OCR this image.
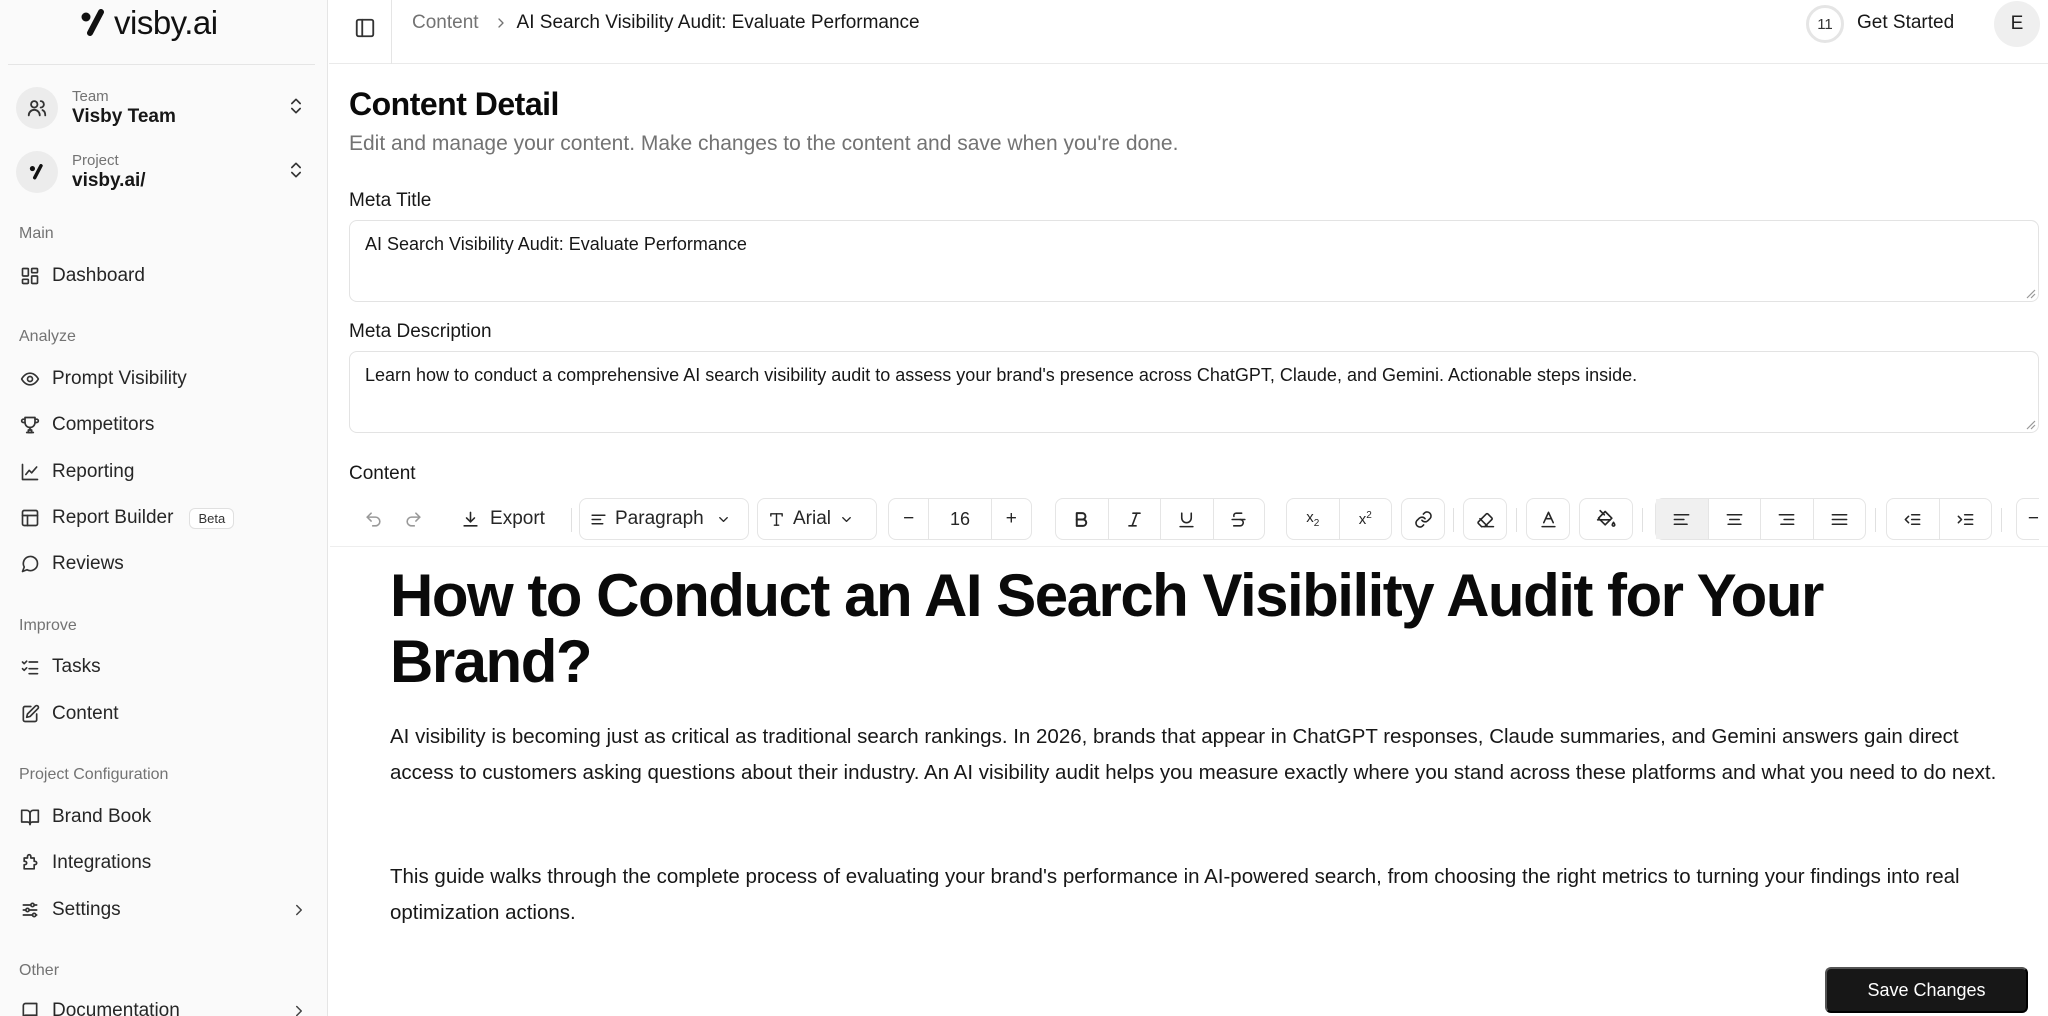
visby.ai
Team
Visby Team
Project
visby.ai/
Main
Dashboard
Analyze
Prompt Visibility
Competitors
Reporting
Report Builder	Beta
Reviews
Improve
Tasks
Content
Project Configuration
Brand Book
Integrations
Settings
Other
Documentation
Content AI Search Visibility Audit: Evaluate Performance	11	Get Started	E
Content Detail

Edit and manage your content. Make changes to the content and save when you're done.

Meta Title
AI Search Visibility Audit: Evaluate Performance
Meta Description
Learn how to conduct a comprehensive AI search visibility audit to assess your brand's presence across ChatGPT, Claude, and Gemini. Actionable steps inside.
Content
Export	Paragraph	Arial	−	16	+	$x_2$	$x^2$	−
How to Conduct an AI Search Visibility Audit for Your Brand?

AI visibility is becoming just as critical as traditional search rankings. In 2026, brands that appear in ChatGPT responses, Claude summaries, and Gemini answers gain direct access to customers asking questions about their industry. An AI visibility audit helps you measure exactly where you stand across these platforms and what you need to do next.

This guide walks through the complete process of evaluating your brand's performance in AI-powered search, from choosing the right metrics to turning your findings into real optimization actions.

Save Changes
